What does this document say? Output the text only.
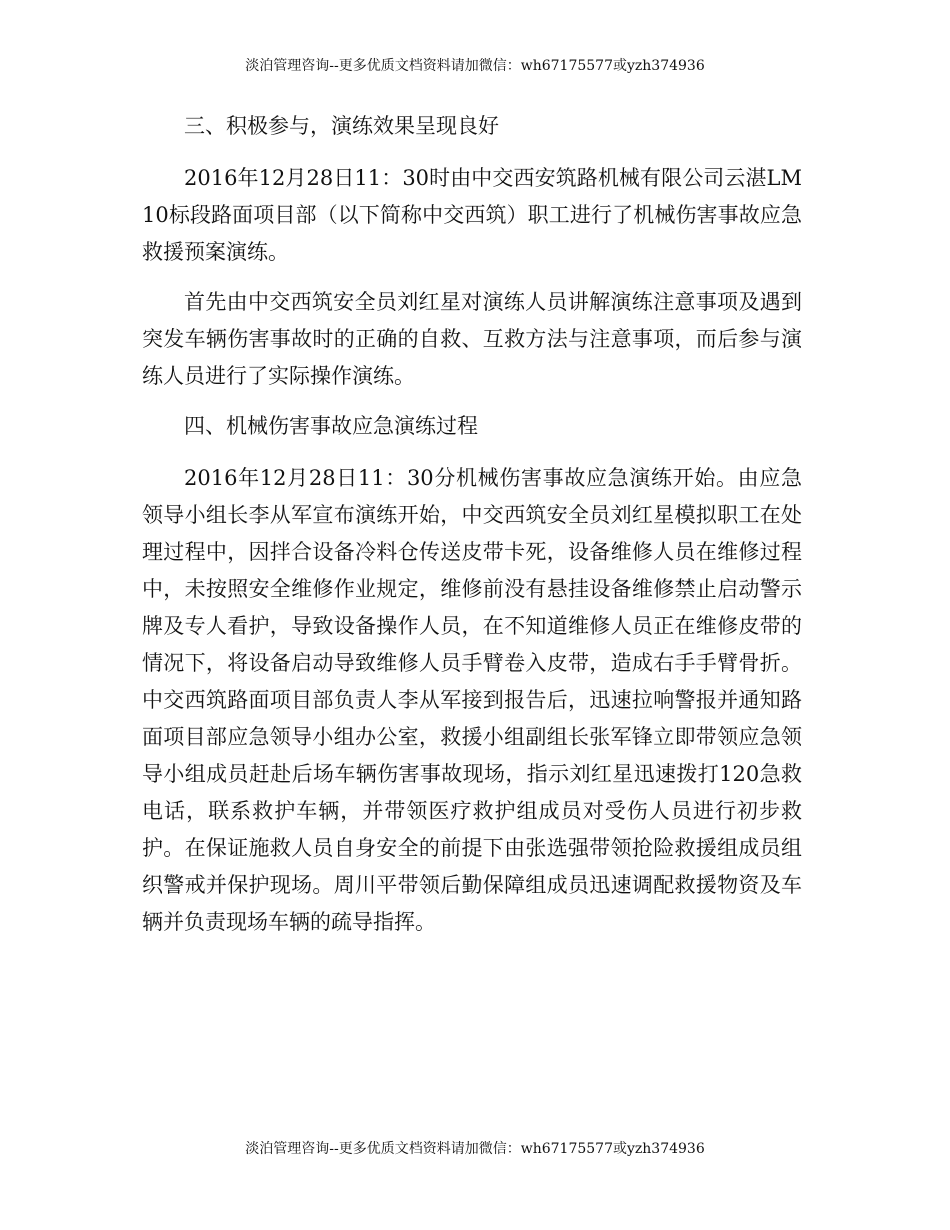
淡泊管理咨询--更多优质文档资料请加微信：wh67175577或yzh374936

三、积极参与，演练效果呈现良好

2016年12月28日11：30时由中交西安筑路机械有限公司云湛LM10标段路面项目部（以下简称中交西筑）职工进行了机械伤害事故应急救援预案演练。

首先由中交西筑安全员刘红星对演练人员讲解演练注意事项及遇到突发车辆伤害事故时的正确的自救、互救方法与注意事项，而后参与演练人员进行了实际操作演练。

四、机械伤害事故应急演练过程

2016年12月28日11：30分机械伤害事故应急演练开始。由应急领导小组长李从军宣布演练开始，中交西筑安全员刘红星模拟职工在处理过程中，因拌合设备冷料仓传送皮带卡死，设备维修人员在维修过程中，未按照安全维修作业规定，维修前没有悬挂设备维修禁止启动警示牌及专人看护，导致设备操作人员，在不知道维修人员正在维修皮带的情况下，将设备启动导致维修人员手臂卷入皮带，造成右手手臂骨折。中交西筑路面项目部负责人李从军接到报告后，迅速拉响警报并通知路面项目部应急领导小组办公室，救援小组副组长张军锋立即带领应急领导小组成员赶赴后场车辆伤害事故现场，指示刘红星迅速拨打120急救电话，联系救护车辆，并带领医疗救护组成员对受伤人员进行初步救护。在保证施救人员自身安全的前提下由张选强带领抢险救援组成员组织警戒并保护现场。周川平带领后勤保障组成员迅速调配救援物资及车辆并负责现场车辆的疏导指挥。

淡泊管理咨询--更多优质文档资料请加微信：wh67175577或yzh374936
